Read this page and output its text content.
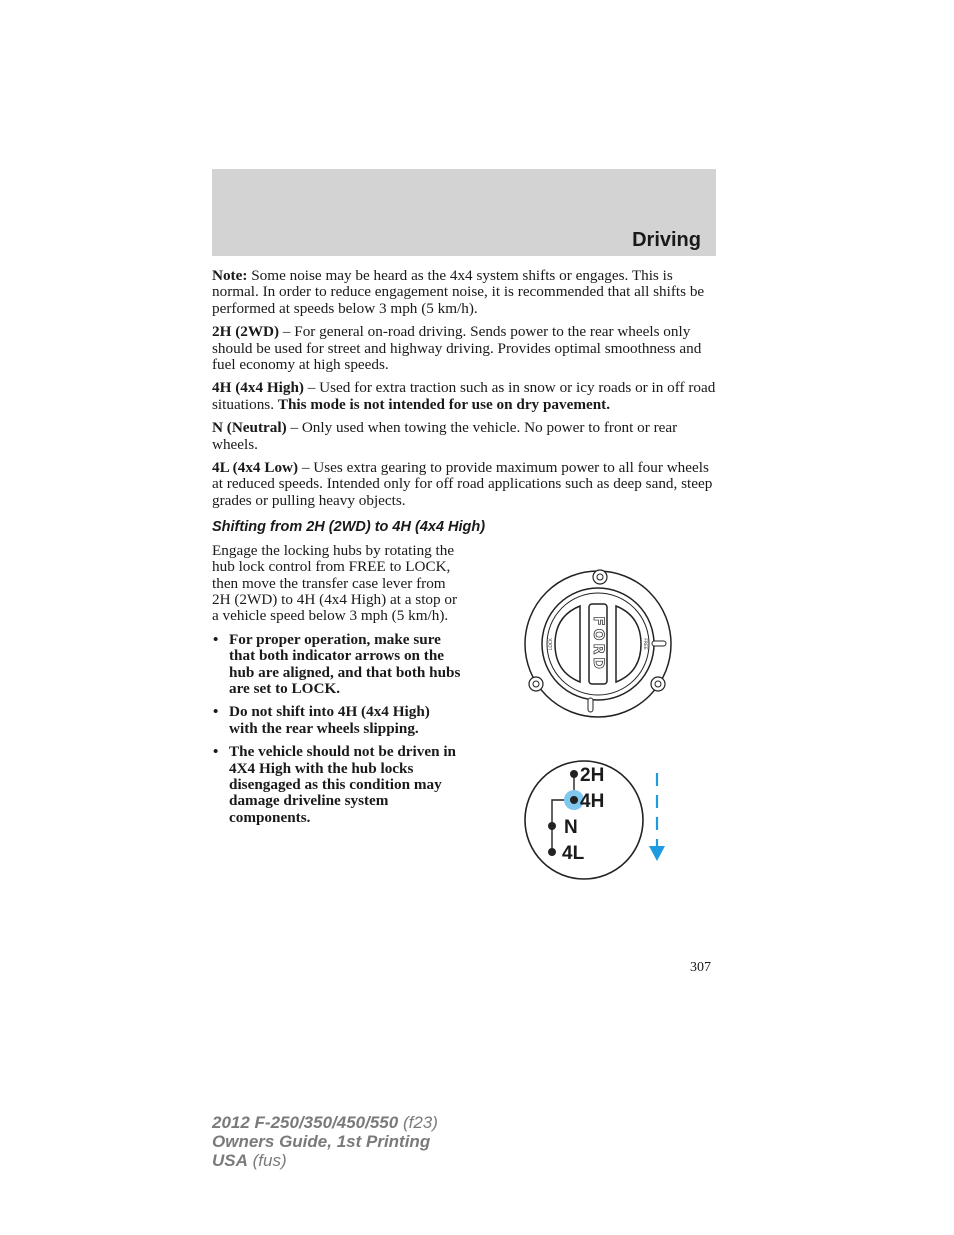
Driving

Note: Some noise may be heard as the 4x4 system shifts or engages. This is normal. In order to reduce engagement noise, it is recommended that all shifts be performed at speeds below 3 mph (5 km/h).

2H (2WD) – For general on-road driving. Sends power to the rear wheels only should be used for street and highway driving. Provides optimal smoothness and fuel economy at high speeds.

4H (4x4 High) – Used for extra traction such as in snow or icy roads or in off road situations. This mode is not intended for use on dry pavement.

N (Neutral) – Only used when towing the vehicle. No power to front or rear wheels.

4L (4x4 Low) – Uses extra gearing to provide maximum power to all four wheels at reduced speeds. Intended only for off road applications such as deep sand, steep grades or pulling heavy objects.

Shifting from 2H (2WD) to 4H (4x4 High)

Engage the locking hubs by rotating the hub lock control from FREE to LOCK, then move the transfer case lever from 2H (2WD) to 4H (4x4 High) at a stop or a vehicle speed below 3 mph (5 km/h).

• For proper operation, make sure that both indicator arrows on the hub are aligned, and that both hubs are set to LOCK.
• Do not shift into 4H (4x4 High) with the rear wheels slipping.
• The vehicle should not be driven in 4X4 High with the hub locks disengaged as this condition may damage driveline system components.
FORD
LOCK	FREE
2H
4H
N
4L
307
2012 F-250/350/450/550 (f23)
Owners Guide, 1st Printing
USA (fus)
